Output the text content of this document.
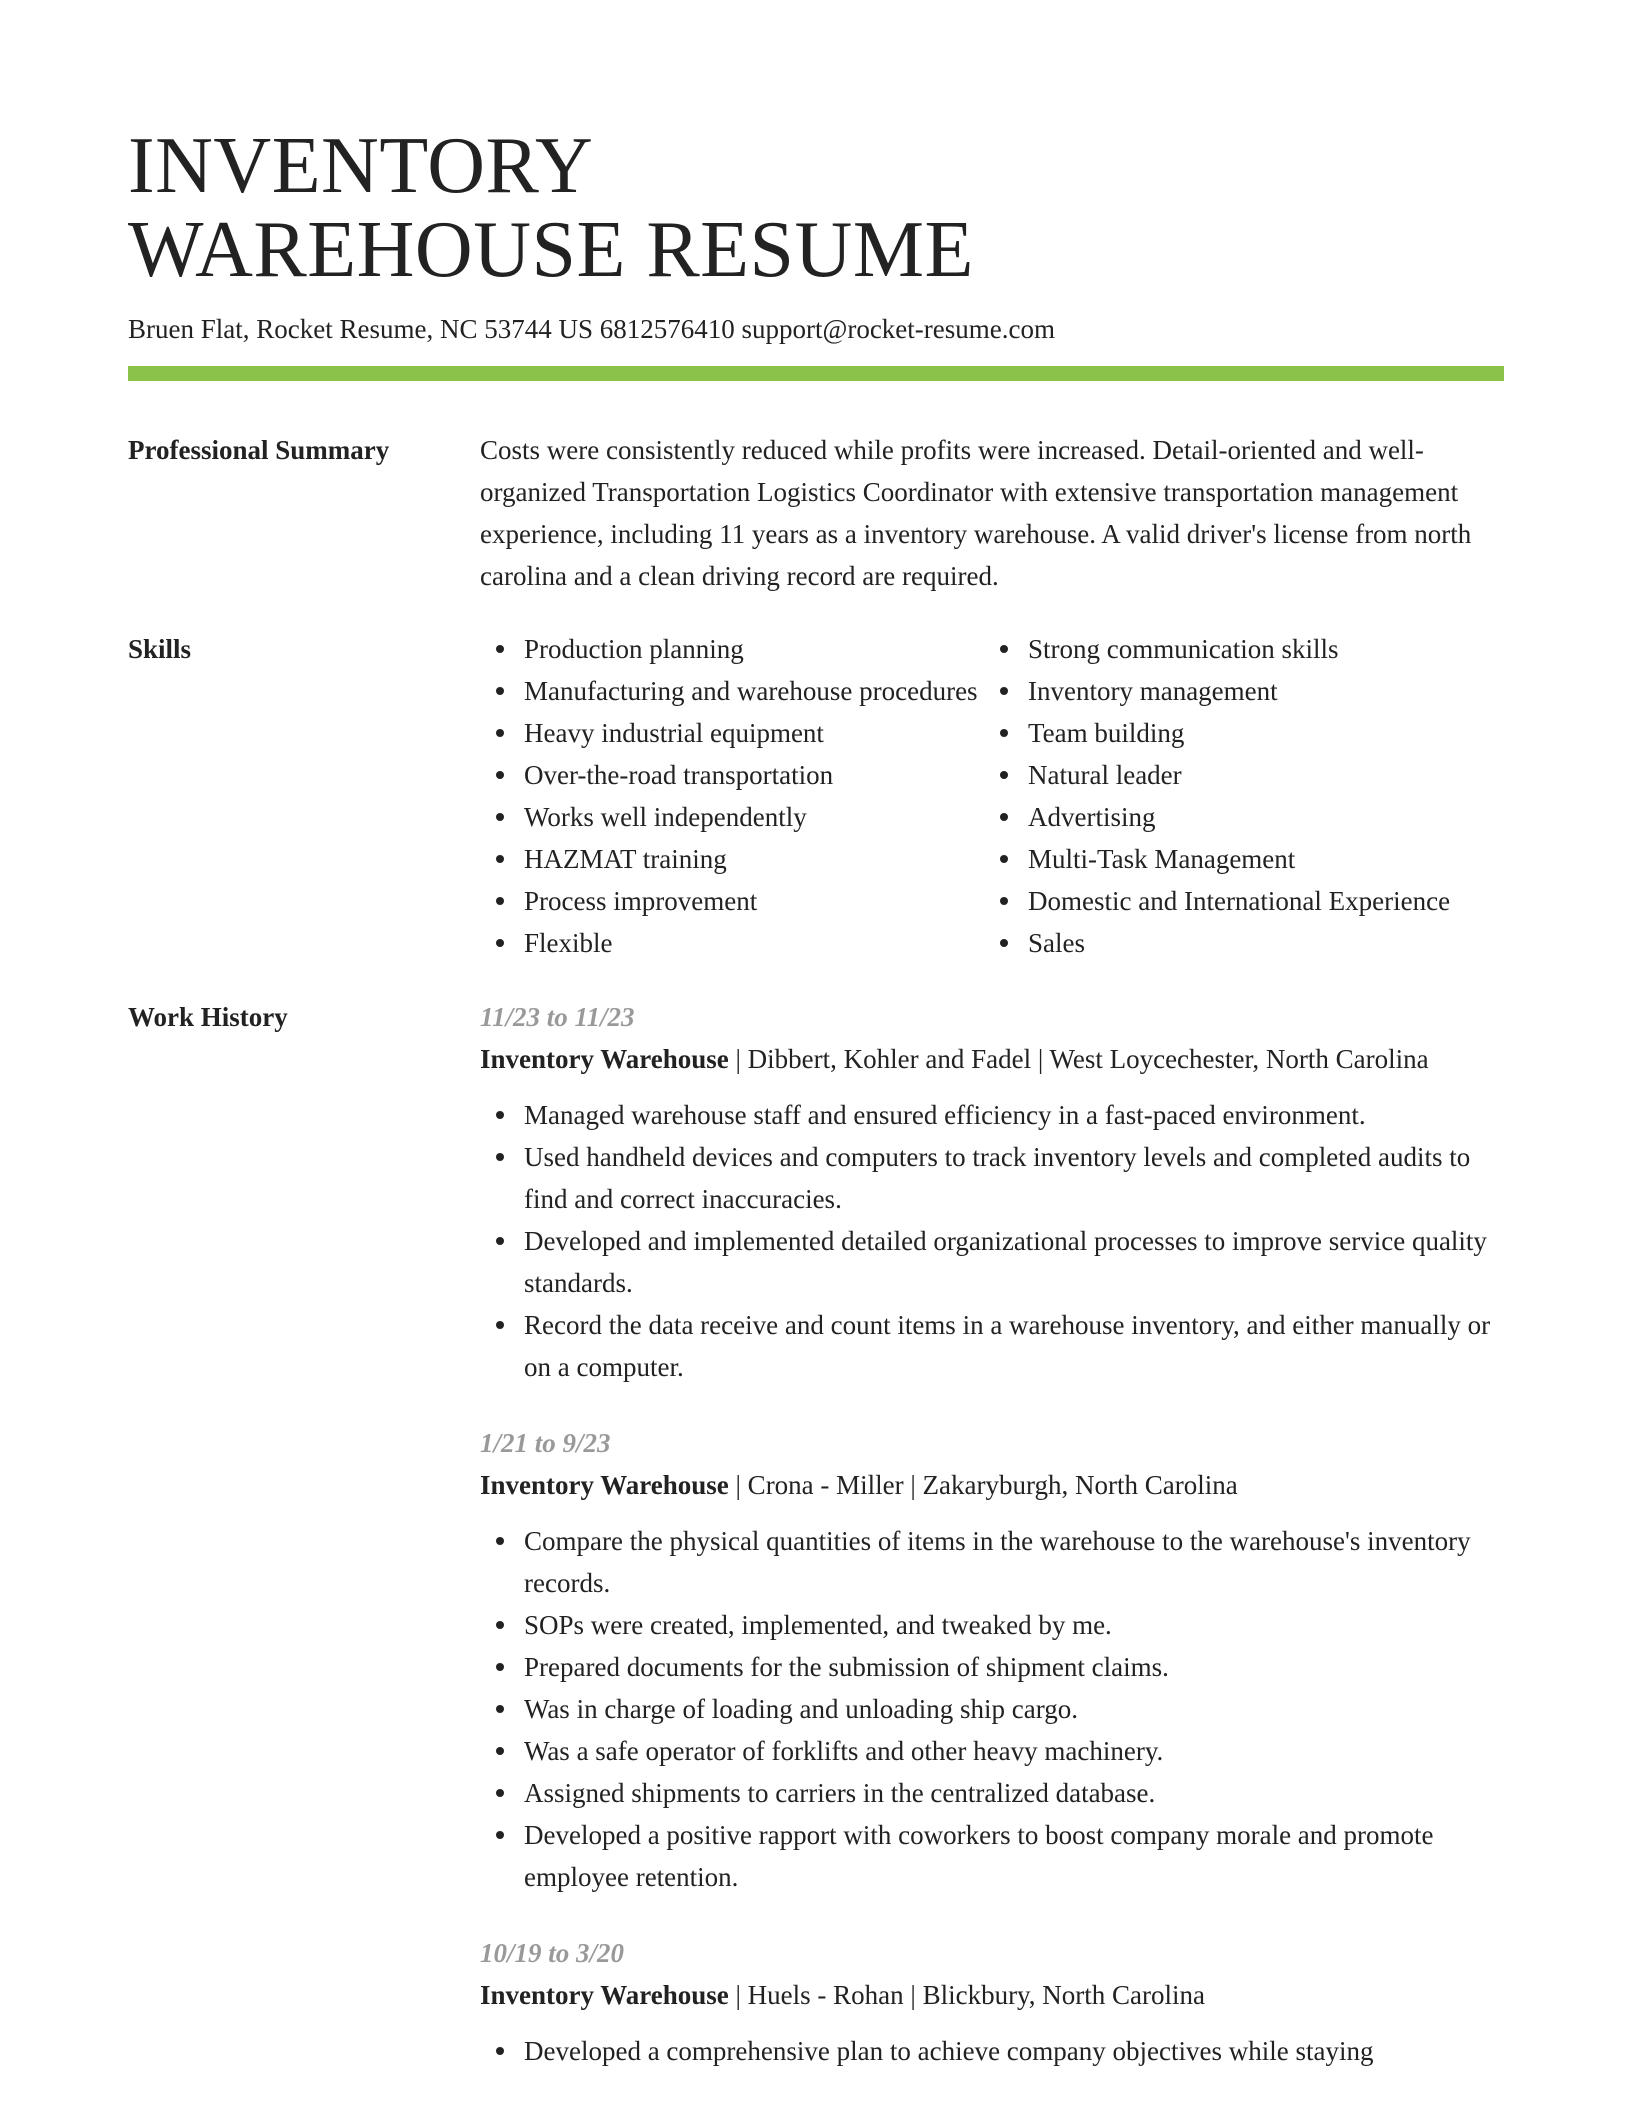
INVENTORY
WAREHOUSE RESUME
Bruen Flat, Rocket Resume, NC 53744 US 6812576410 support@rocket-resume.com
Professional Summary	Costs were consistently reduced while profits were increased. Detail-oriented and well-organized Transportation Logistics Coordinator with extensive transportation management experience, including 11 years as a inventory warehouse. A valid driver's license from north carolina and a clean driving record are required.

Skills	Production planning
Manufacturing and warehouse procedures
Heavy industrial equipment
Over-the-road transportation
Works well independently
HAZMAT training
Process improvement
Flexible
Strong communication skills
Inventory management
Team building
Natural leader
Advertising
Multi-Task Management
Domestic and International Experience
Sales
Work History	11/23 to 11/23
Inventory Warehouse | Dibbert, Kohler and Fadel | West Loycechester, North Carolina
Managed warehouse staff and ensured efficiency in a fast-paced environment.
Used handheld devices and computers to track inventory levels and completed audits to find and correct inaccuracies.
Developed and implemented detailed organizational processes to improve service quality standards.
Record the data receive and count items in a warehouse inventory, and either manually or on a computer.
1/21 to 9/23
Inventory Warehouse | Crona - Miller | Zakaryburgh, North Carolina
Compare the physical quantities of items in the warehouse to the warehouse's inventory records.
SOPs were created, implemented, and tweaked by me.
Prepared documents for the submission of shipment claims.
Was in charge of loading and unloading ship cargo.
Was a safe operator of forklifts and other heavy machinery.
Assigned shipments to carriers in the centralized database.
Developed a positive rapport with coworkers to boost company morale and promote employee retention.
10/19 to 3/20
Inventory Warehouse | Huels - Rohan | Blickbury, North Carolina
Developed a comprehensive plan to achieve company objectives while staying
